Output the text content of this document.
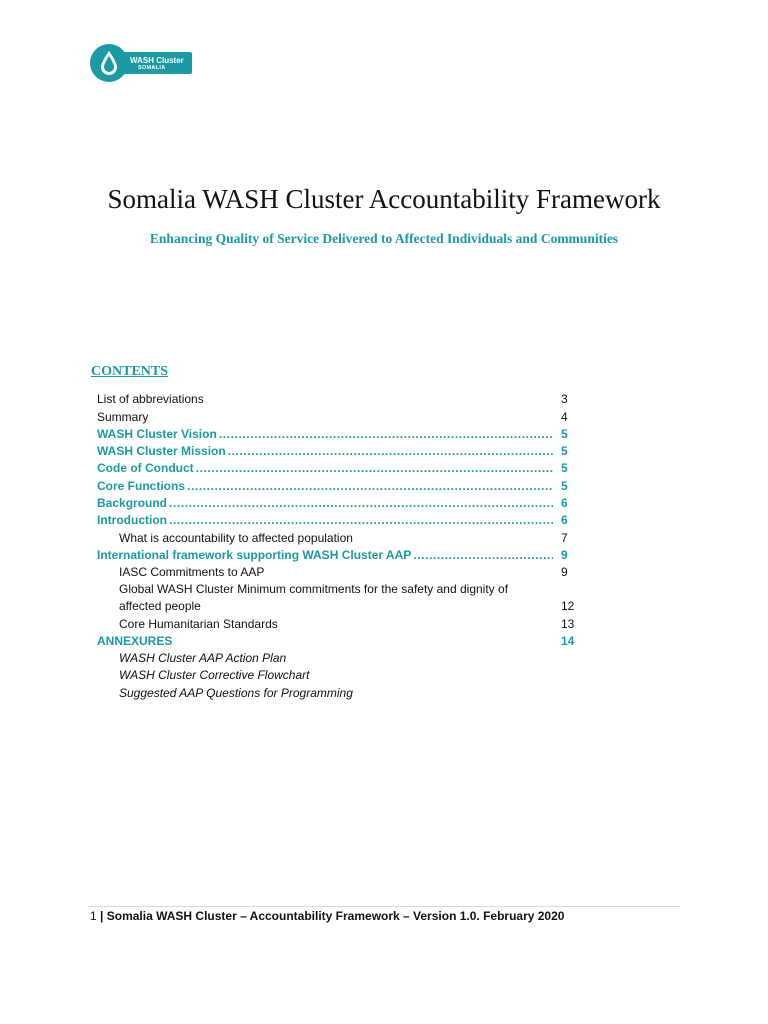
WASH Cluster
SOMALIA
Somalia WASH Cluster Accountability Framework
Enhancing Quality of Service Delivered to Affected Individuals and Communities
CONTENTS
List of abbreviations	3
Summary	4
WASH Cluster Vision .....	5
WASH Cluster Mission .....	5
Code of Conduct .....	5
Core Functions .....	5
Background .....	6
Introduction .....	6
What is accountability to affected population	7
International framework supporting WASH Cluster AAP .....	9
IASC Commitments to AAP	9
Global WASH Cluster Minimum commitments for the safety and dignity of affected people	12
Core Humanitarian Standards	13
ANNEXURES	14
WASH Cluster AAP Action Plan
WASH Cluster Corrective Flowchart
Suggested AAP Questions for Programming
1 | Somalia WASH Cluster – Accountability Framework – Version 1.0. February 2020
